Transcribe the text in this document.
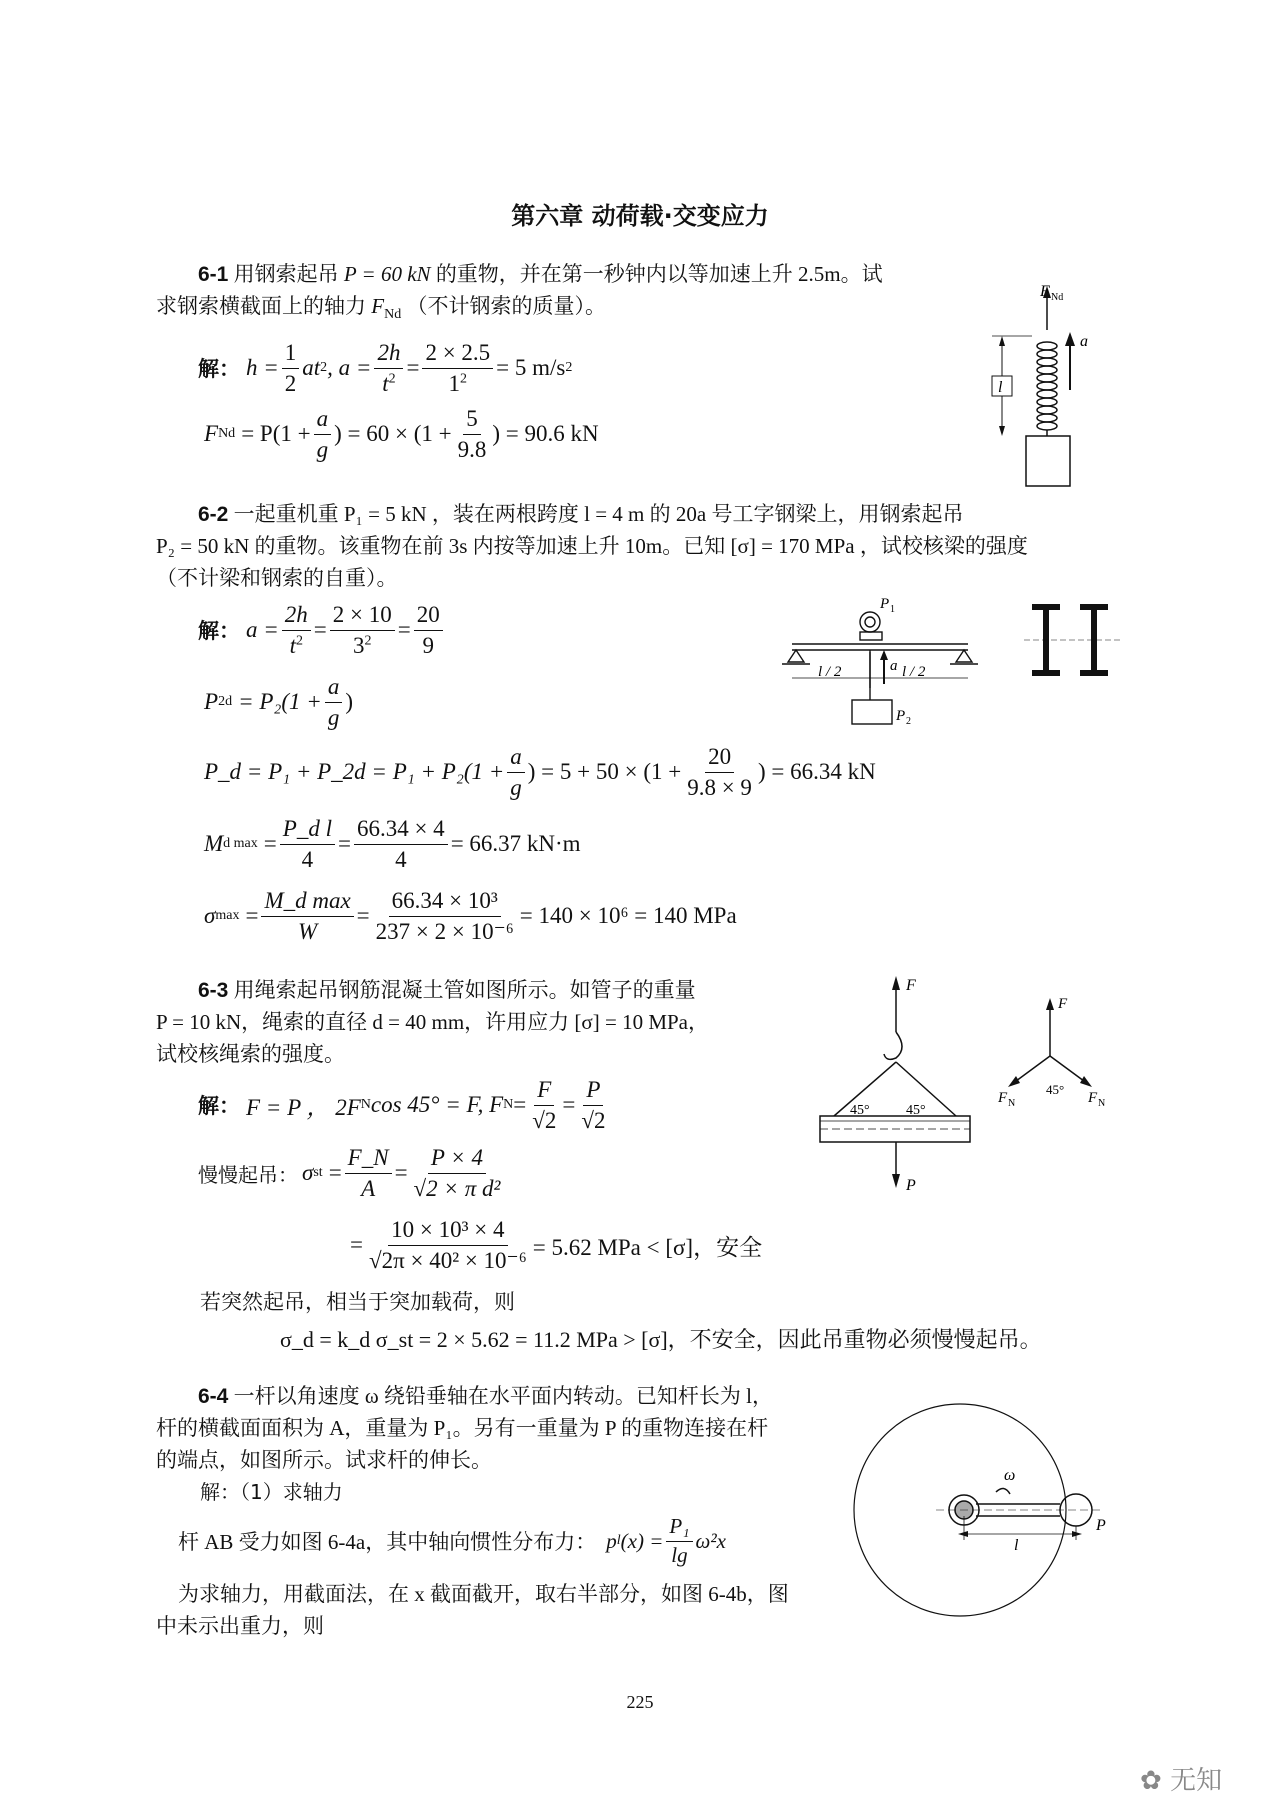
第六章 动荷载·交变应力
6-1 用钢索起吊 P = 60 kN 的重物，并在第一秒钟内以等加速上升 2.5m。试
求钢索横截面上的轴力 $F_{Nd}$ （不计钢索的质量）。
解： $h = \frac{1}{2}$ at 2 , $a = \frac{2h}{t^2} = \frac{2 \times 2.5}{1^2} = 5$ m/s 2
F $Nd = P(1 + \frac{a}{g}$ ) = $60 \times (1 + \frac{5}{9.8}$ ) = 90.6 kN
l
F Nd
a
6-2 一起重机重 P₁ = 5 kN ，装在两根跨度 l = 4 m 的 20a 号工字钢梁上，用钢索起吊
P₂ = 50 kN 的重物。该重物在前 3s 内按等加速上升 10m。已知 [σ] = 170 MPa ，试校核梁的强度
（不计梁和钢索的自重）。
解： $a = \frac{2h}{t^2} = \frac{2 \times 10}{3^2} = \frac{20}{9}$
P $2d = P_2(1 + \frac{a}{g}$ )
P_d = P₁ + P_2d = $P_1 + P_2(1 + \frac{a}{g}$ ) = $5 + 50 \times (1 + \frac{20}{9.8 \times 9}$ ) = 66.34 kN
M d $\max = \frac{\text{P\_d l}}{4} = \frac{66.34 \times 4}{4} = 66.37$ kN·m
σ $\max = \frac{\text{M\_d max}}{W} = \frac{\text{66.34 × 10³}}{\text{237 × 2 × 10⁻⁶}} = 140 \times 10^6 = 140$ MPa
P 1
a
l / 2	l / 2
P 2
6-3 用绳索起吊钢筋混凝土管如图所示。如管子的重量
P = 10 kN，绳索的直径 d = 40 mm，许用应力 [σ] = 10 MPa，
试校核绳索的强度。
解： F = P ， 2F N cos 45° = F, F $N = \frac{F}{√2} = \frac{P}{√2}$
慢慢起吊： σ st = $\frac{F\_N}{A} = \frac{P \times 4}{\text{√2 × π d²}}$
= $\frac{\text{10 × 10³ × 4}}{\text{√2π × 40² × 10⁻⁶}} = 5.62$ MPa < [σ]，安全
若突然起吊，相当于突加载荷，则
σ_d = k_d σ_st = 2 × 5.62 = 11.2 MPa > [σ]，不安全，因此吊重物必须慢慢起吊。
F
P
45°	45°
F
F N	F N
45°
6-4 一杆以角速度 ω 绕铅垂轴在水平面内转动。已知杆长为 l，
杆的横截面面积为 A，重量为 P₁。另有一重量为 P 的重物连接在杆
的端点，如图所示。试求杆的伸长。
解：（1）求轴力
杆 AB 受力如图 6-4a，其中轴向惯性分布力： p l $(x) = \frac{\text{P₁}}{\lg} \omega^2x$
为求轴力，用截面法，在 x 截面截开，取右半部分，如图 6-4b，图
中未示出重力，则
ω
l
P
225
✿ 无知
